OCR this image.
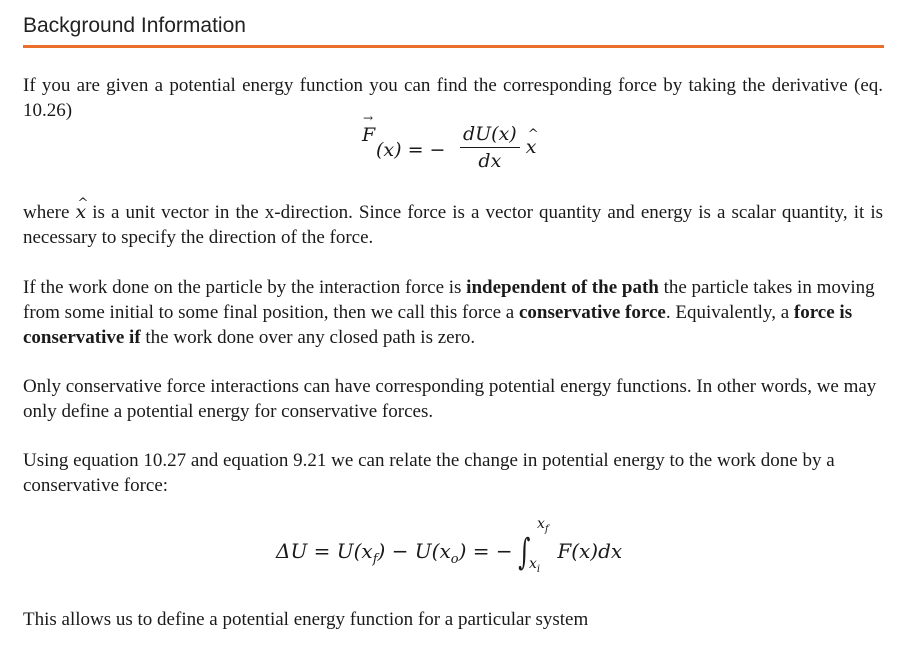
Background Information

If you are given a potential energy function you can find the corresponding force by taking the derivative (eq. 10.26)

F →
(x) = − $\frac{dU(x)}{dx}$ x ^

where x ^ is a unit vector in the x-direction. Since force is a vector quantity and energy is a scalar quantity, it is necessary to specify the direction of the force.

If the work done on the particle by the interaction force is independent of the path the particle takes in moving from some initial to some final position, then we call this force a conservative force. Equivalently, a force is conservative if the work done over any closed path is zero.

Only conservative force interactions can have corresponding potential energy functions. In other words, we may only define a potential energy for conservative forces.

Using equation 10.27 and equation 9.21 we can relate the change in potential energy to the work done by a conservative force:

$\Delta U = U(x_f) - U(x_o)$ = − ∫
$x_f$
$x_i$
F(x)dx

This allows us to define a potential energy function for a particular system
